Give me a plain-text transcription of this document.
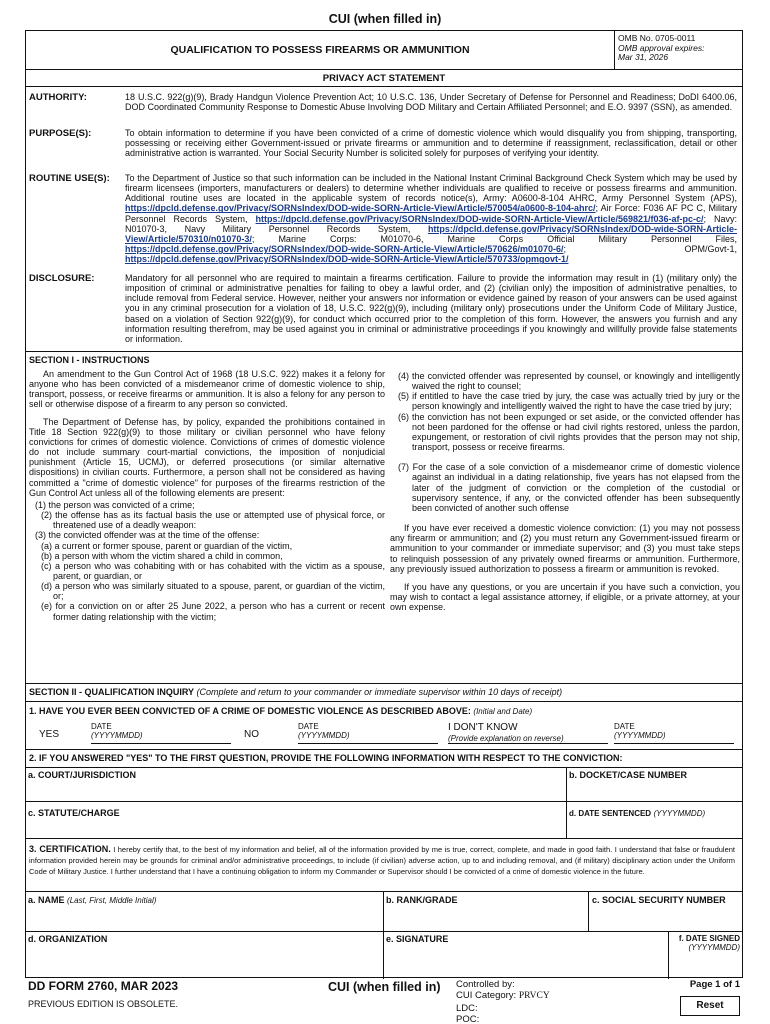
CUI (when filled in)
QUALIFICATION TO POSSESS FIREARMS OR AMMUNITION
OMB No. 0705-0011
OMB approval expires:
Mar 31, 2026
PRIVACY ACT STATEMENT
AUTHORITY:	18 U.S.C. 922(g)(9), Brady Handgun Violence Prevention Act; 10 U.S.C. 136, Under Secretary of Defense for Personnel and Readiness; DoDI 6400.06, DOD Coordinated Community Response to Domestic Abuse Involving DOD Military and Certain Affiliated Personnel; and E.O. 9397 (SSN), as amended.
PURPOSE(S):	To obtain information to determine if you have been convicted of a crime of domestic violence which would disqualify you from shipping, transporting, possessing or receiving either Government-issued or private firearms or ammunition and to determine if reassignment, reclassification, detail or other administrative action is warranted. Your Social Security Number is solicited solely for purposes of verifying your identity.
ROUTINE USE(S): To the Department of Justice so that such information can be included in the National Instant Criminal Background Check System which may be used by firearm licensees (importers, manufacturers or dealers) to determine whether individuals are qualified to receive or possess firearms and ammunition. Additional routine uses are located in the applicable system of records notice(s), Army: A0600-8-104 AHRC, Army Personnel System (APS), https://dpcld.defense.gov/Privacy/SORNsIndex/DOD-wide-SORN-Article-View/Article/570054/a0600-8-104-ahrc/; Air Force: F036 AF PC C, Military Personnel Records System, https://dpcld.defense.gov/Privacy/SORNsIndex/DOD-wide-SORN-Article-View/Article/569821/f036-af-pc-c/; Navy: N01070-3, Navy Military Personnel Records System, https://dpcld.defense.gov/Privacy/SORNsIndex/DOD-wide-SORN-Article-View/Article/570310/n01070-3/; Marine Corps: M01070-6, Marine Corps Official Military Personnel Files, https://dpcld.defense.gov/Privacy/SORNsIndex/DOD-wide-SORN-Article-View/Article/570626/m01070-6/; OPM/Govt-1, https://dpcld.defense.gov/Privacy/SORNsIndex/DOD-wide-SORN-Article-View/Article/570733/opmgovt-1/
DISCLOSURE:	Mandatory for all personnel who are required to maintain a firearms certification. Failure to provide the information may result in (1) (military only) the imposition of criminal or administrative penalties for failing to obey a lawful order, and (2) (civilian only) the imposition of administrative penalties, to include removal from Federal service. However, neither your answers nor information or evidence gained by reason of your answers can be used against you in any criminal prosecution for a violation of 18, U.S.C. 922(g)(9), including (military only) prosecutions under the Uniform Code of Military Justice, based on a violation of Section 922(g)(9), for conduct which occurred prior to the completion of this form. However, the answers you furnish and any information resulting therefrom, may be used against you in criminal or administrative proceedings if you knowingly and willfully provide false statements or information.
SECTION I - INSTRUCTIONS

An amendment to the Gun Control Act of 1968 (18 U.S.C. 922) makes it a felony for anyone who has been convicted of a misdemeanor crime of domestic violence to ship, transport, possess, or receive firearms or ammunition. It is also a felony for any person to sell or otherwise dispose of a firearm to any person so convicted.

The Department of Defense has, by policy, expanded the prohibitions contained in Title 18 Section 922(g)(9) to those military or civilian personnel who have felony convictions for crimes of domestic violence. Convictions of crimes of domestic violence do not include summary court-martial convictions, the imposition of nonjudicial punishment (Article 15, UCMJ), or deferred prosecutions (or similar alternative dispositions) in civilian courts. Furthermore, a person shall not be considered as having committed a "crime of domestic violence" for purposes of the firearms restriction of the Gun Control Act unless all of the following elements are present:

(1) the person was convicted of a crime;
(2) the offense has as its factual basis the use or attempted use of physical force, or threatened use of a deadly weapon:
(3) the convicted offender was at the time of the offense:
(a) a current or former spouse, parent or guardian of the victim,
(b) a person with whom the victim shared a child in common,
(c) a person who was cohabiting with or has cohabited with the victim as a spouse, parent, or guardian, or
(d) a person who was similarly situated to a spouse, parent, or guardian of the victim, or;
(e) for a conviction on or after 25 June 2022, a person who has a current or recent former dating relationship with the victim;
(4) the convicted offender was represented by counsel, or knowingly and intelligently waived the right to counsel;
(5) if entitled to have the case tried by jury, the case was actually tried by jury or the person knowingly and intelligently waived the right to have the case tried by jury;
(6) the conviction has not been expunged or set aside, or the convicted offender has not been pardoned for the offense or had civil rights restored, unless the pardon, expungement, or restoration of civil rights provides that the person may not ship, transport, possess or receive firearms.
(7) For the case of a sole conviction of a misdemeanor crime of domestic violence against an individual in a dating relationship, five years has not elapsed from the later of the judgment of conviction or the completion of the custodial or supervisory sentence, if any, or the convicted offender has been subsequently been convicted of another such offense

If you have ever received a domestic violence conviction: (1) you may not possess any firearm or ammunition; and (2) you must return any Government-issued firearm or ammunition to your commander or immediate supervisor; and (3) you must take steps to relinquish possession of any privately owned firearms or ammunition. Furthermore, any previously issued authorization to possess a firearm or ammunition is revoked.

If you have any questions, or you are uncertain if you have such a conviction, you may wish to contact a legal assistance attorney, if eligible, or a private attorney, at your own expense.

SECTION II - QUALIFICATION INQUIRY (Complete and return to your commander or immediate supervisor within 10 days of receipt)
1. HAVE YOU EVER BEEN CONVICTED OF A CRIME OF DOMESTIC VIOLENCE AS DESCRIBED ABOVE: (Initial and Date)
YES
DATE
(YYYYMMDD)	NO
DATE
(YYYYMMDD)
I DON'T KNOW
(Provide explanation on reverse)
DATE
(YYYYMMDD)
2. IF YOU ANSWERED "YES" TO THE FIRST QUESTION, PROVIDE THE FOLLOWING INFORMATION WITH RESPECT TO THE CONVICTION:
a. COURT/JURISDICTION	b. DOCKET/CASE NUMBER
c. STATUTE/CHARGE	d. DATE SENTENCED (YYYYMMDD)
3. CERTIFICATION. I hereby certify that, to the best of my information and belief, all of the information provided by me is true, correct, complete, and made in good faith. I understand that false or fraudulent information provided herein may be grounds for criminal and/or administrative proceedings, to include (if civilian) adverse action, up to and including removal, and (if military) disciplinary action under the Uniform Code of Military Justice. I further understand that I have a continuing obligation to inform my Commander or Supervisor should I be convicted of a crime of domestic violence in the future.
a. NAME (Last, First, Middle Initial)	b. RANK/GRADE	c. SOCIAL SECURITY NUMBER
d. ORGANIZATION	e. SIGNATURE	f. DATE SIGNED
(YYYYMMDD)
DD FORM 2760, MAR 2023
PREVIOUS EDITION IS OBSOLETE.
CUI (when filled in) Controlled by:
CUI Category: PRVCY
LDC:
POC:
Page 1 of 1
Reset
